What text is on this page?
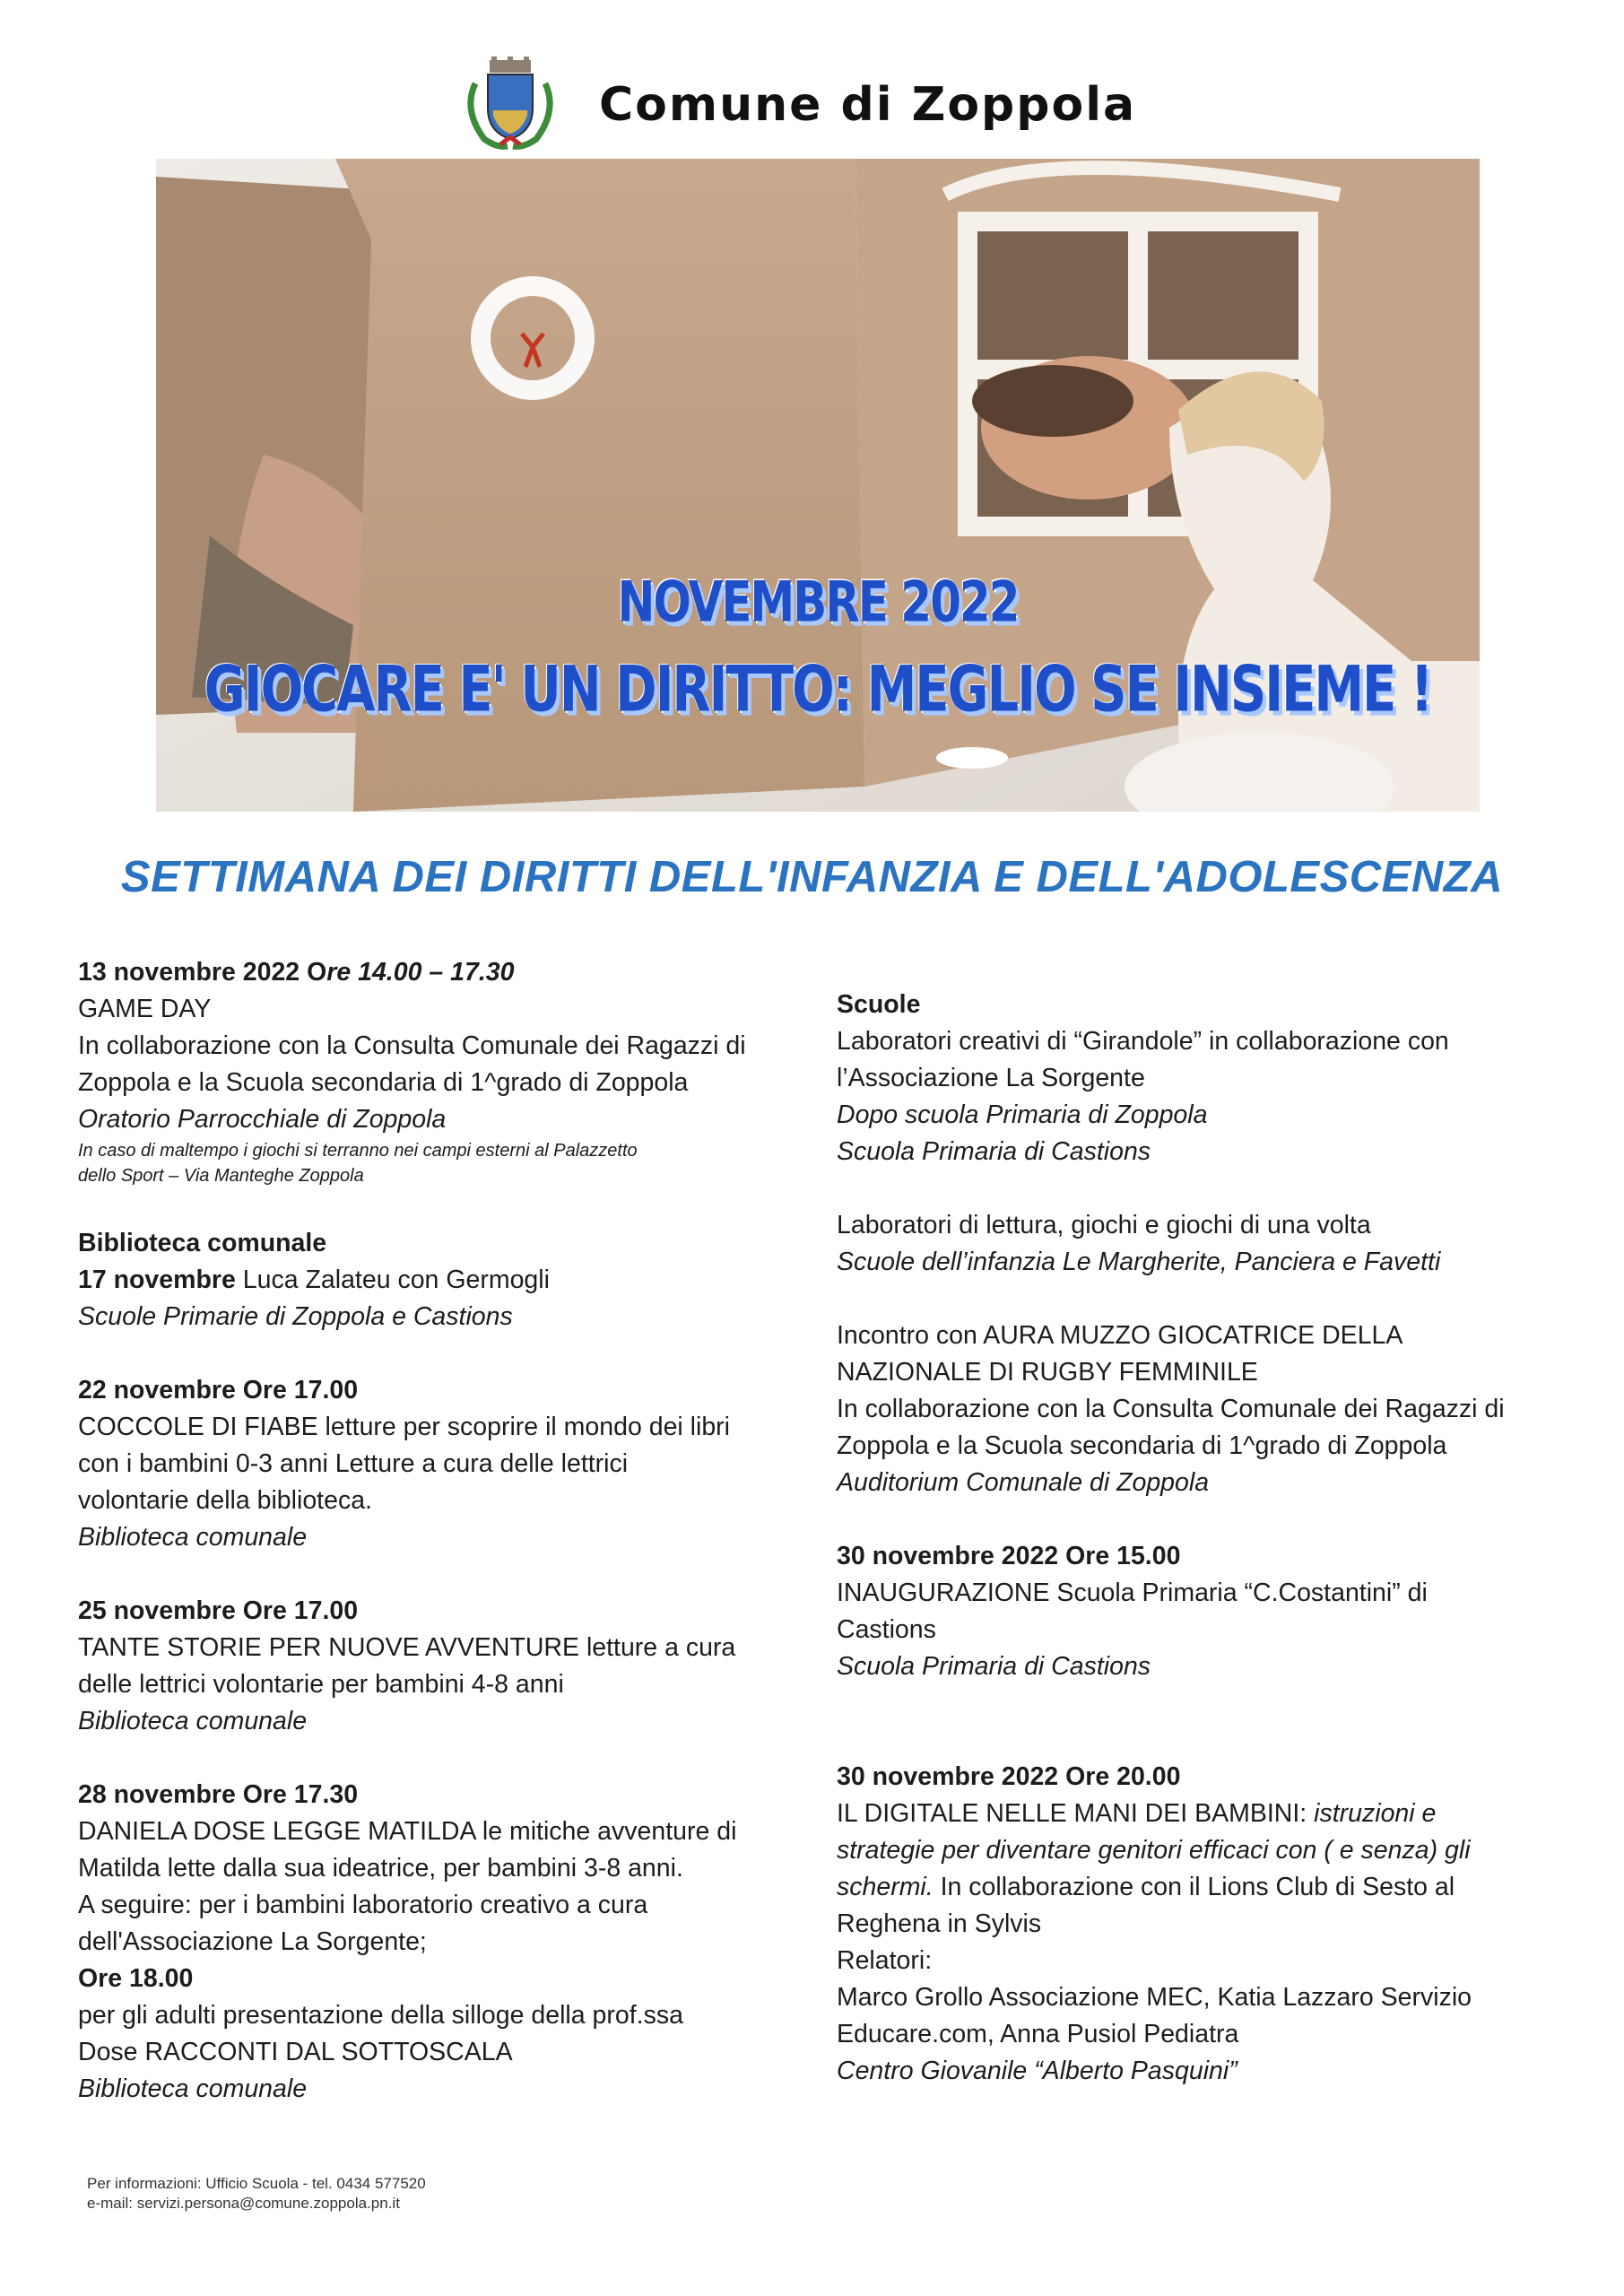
Comune di Zoppola
NOVEMBRE 2022
GIOCARE E' UN DIRITTO: MEGLIO SE INSIEME !
SETTIMANA DEI DIRITTI DELL'INFANZIA E DELL'ADOLESCENZA

13 novembre 2022 Ore 14.00 – 17.30

GAME DAY

In collaborazione con la Consulta Comunale dei Ragazzi di

Zoppola e la Scuola secondaria di 1^grado di Zoppola

Oratorio Parrocchiale di Zoppola

In caso di maltempo i giochi si terranno nei campi esterni al Palazzetto

dello Sport – Via Manteghe Zoppola

Biblioteca comunale

17 novembre Luca Zalateu con Germogli

Scuole Primarie di Zoppola e Castions

22 novembre Ore 17.00

COCCOLE DI FIABE letture per scoprire il mondo dei libri

con i bambini 0-3 anni Letture a cura delle lettrici

volontarie della biblioteca.

Biblioteca comunale

25 novembre Ore 17.00

TANTE STORIE PER NUOVE AVVENTURE letture a cura

delle lettrici volontarie per bambini 4-8 anni

Biblioteca comunale

28 novembre Ore 17.30

DANIELA DOSE LEGGE MATILDA le mitiche avventure di

Matilda lette dalla sua ideatrice, per bambini 3-8 anni.

A seguire: per i bambini laboratorio creativo a cura

dell'Associazione La Sorgente;

Ore 18.00

per gli adulti presentazione della silloge della prof.ssa

Dose RACCONTI DAL SOTTOSCALA

Biblioteca comunale

Scuole

Laboratori creativi di “Girandole” in collaborazione con

l’Associazione La Sorgente

Dopo scuola Primaria di Zoppola

Scuola Primaria di Castions

Laboratori di lettura, giochi e giochi di una volta

Scuole dell’infanzia Le Margherite, Panciera e Favetti

Incontro con AURA MUZZO GIOCATRICE DELLA

NAZIONALE DI RUGBY FEMMINILE

In collaborazione con la Consulta Comunale dei Ragazzi di

Zoppola e la Scuola secondaria di 1^grado di Zoppola

Auditorium Comunale di Zoppola

30 novembre 2022 Ore 15.00

INAUGURAZIONE Scuola Primaria “C.Costantini” di

Castions

Scuola Primaria di Castions

30 novembre 2022 Ore 20.00

IL DIGITALE NELLE MANI DEI BAMBINI: istruzioni e

strategie per diventare genitori efficaci con ( e senza) gli

schermi. In collaborazione con il Lions Club di Sesto al

Reghena in Sylvis

Relatori:

Marco Grollo Associazione MEC, Katia Lazzaro Servizio

Educare.com, Anna Pusiol Pediatra

Centro Giovanile “Alberto Pasquini”

Per informazioni: Ufficio Scuola - tel. 0434 577520
e-mail: servizi.persona@comune.zoppola.pn.it
